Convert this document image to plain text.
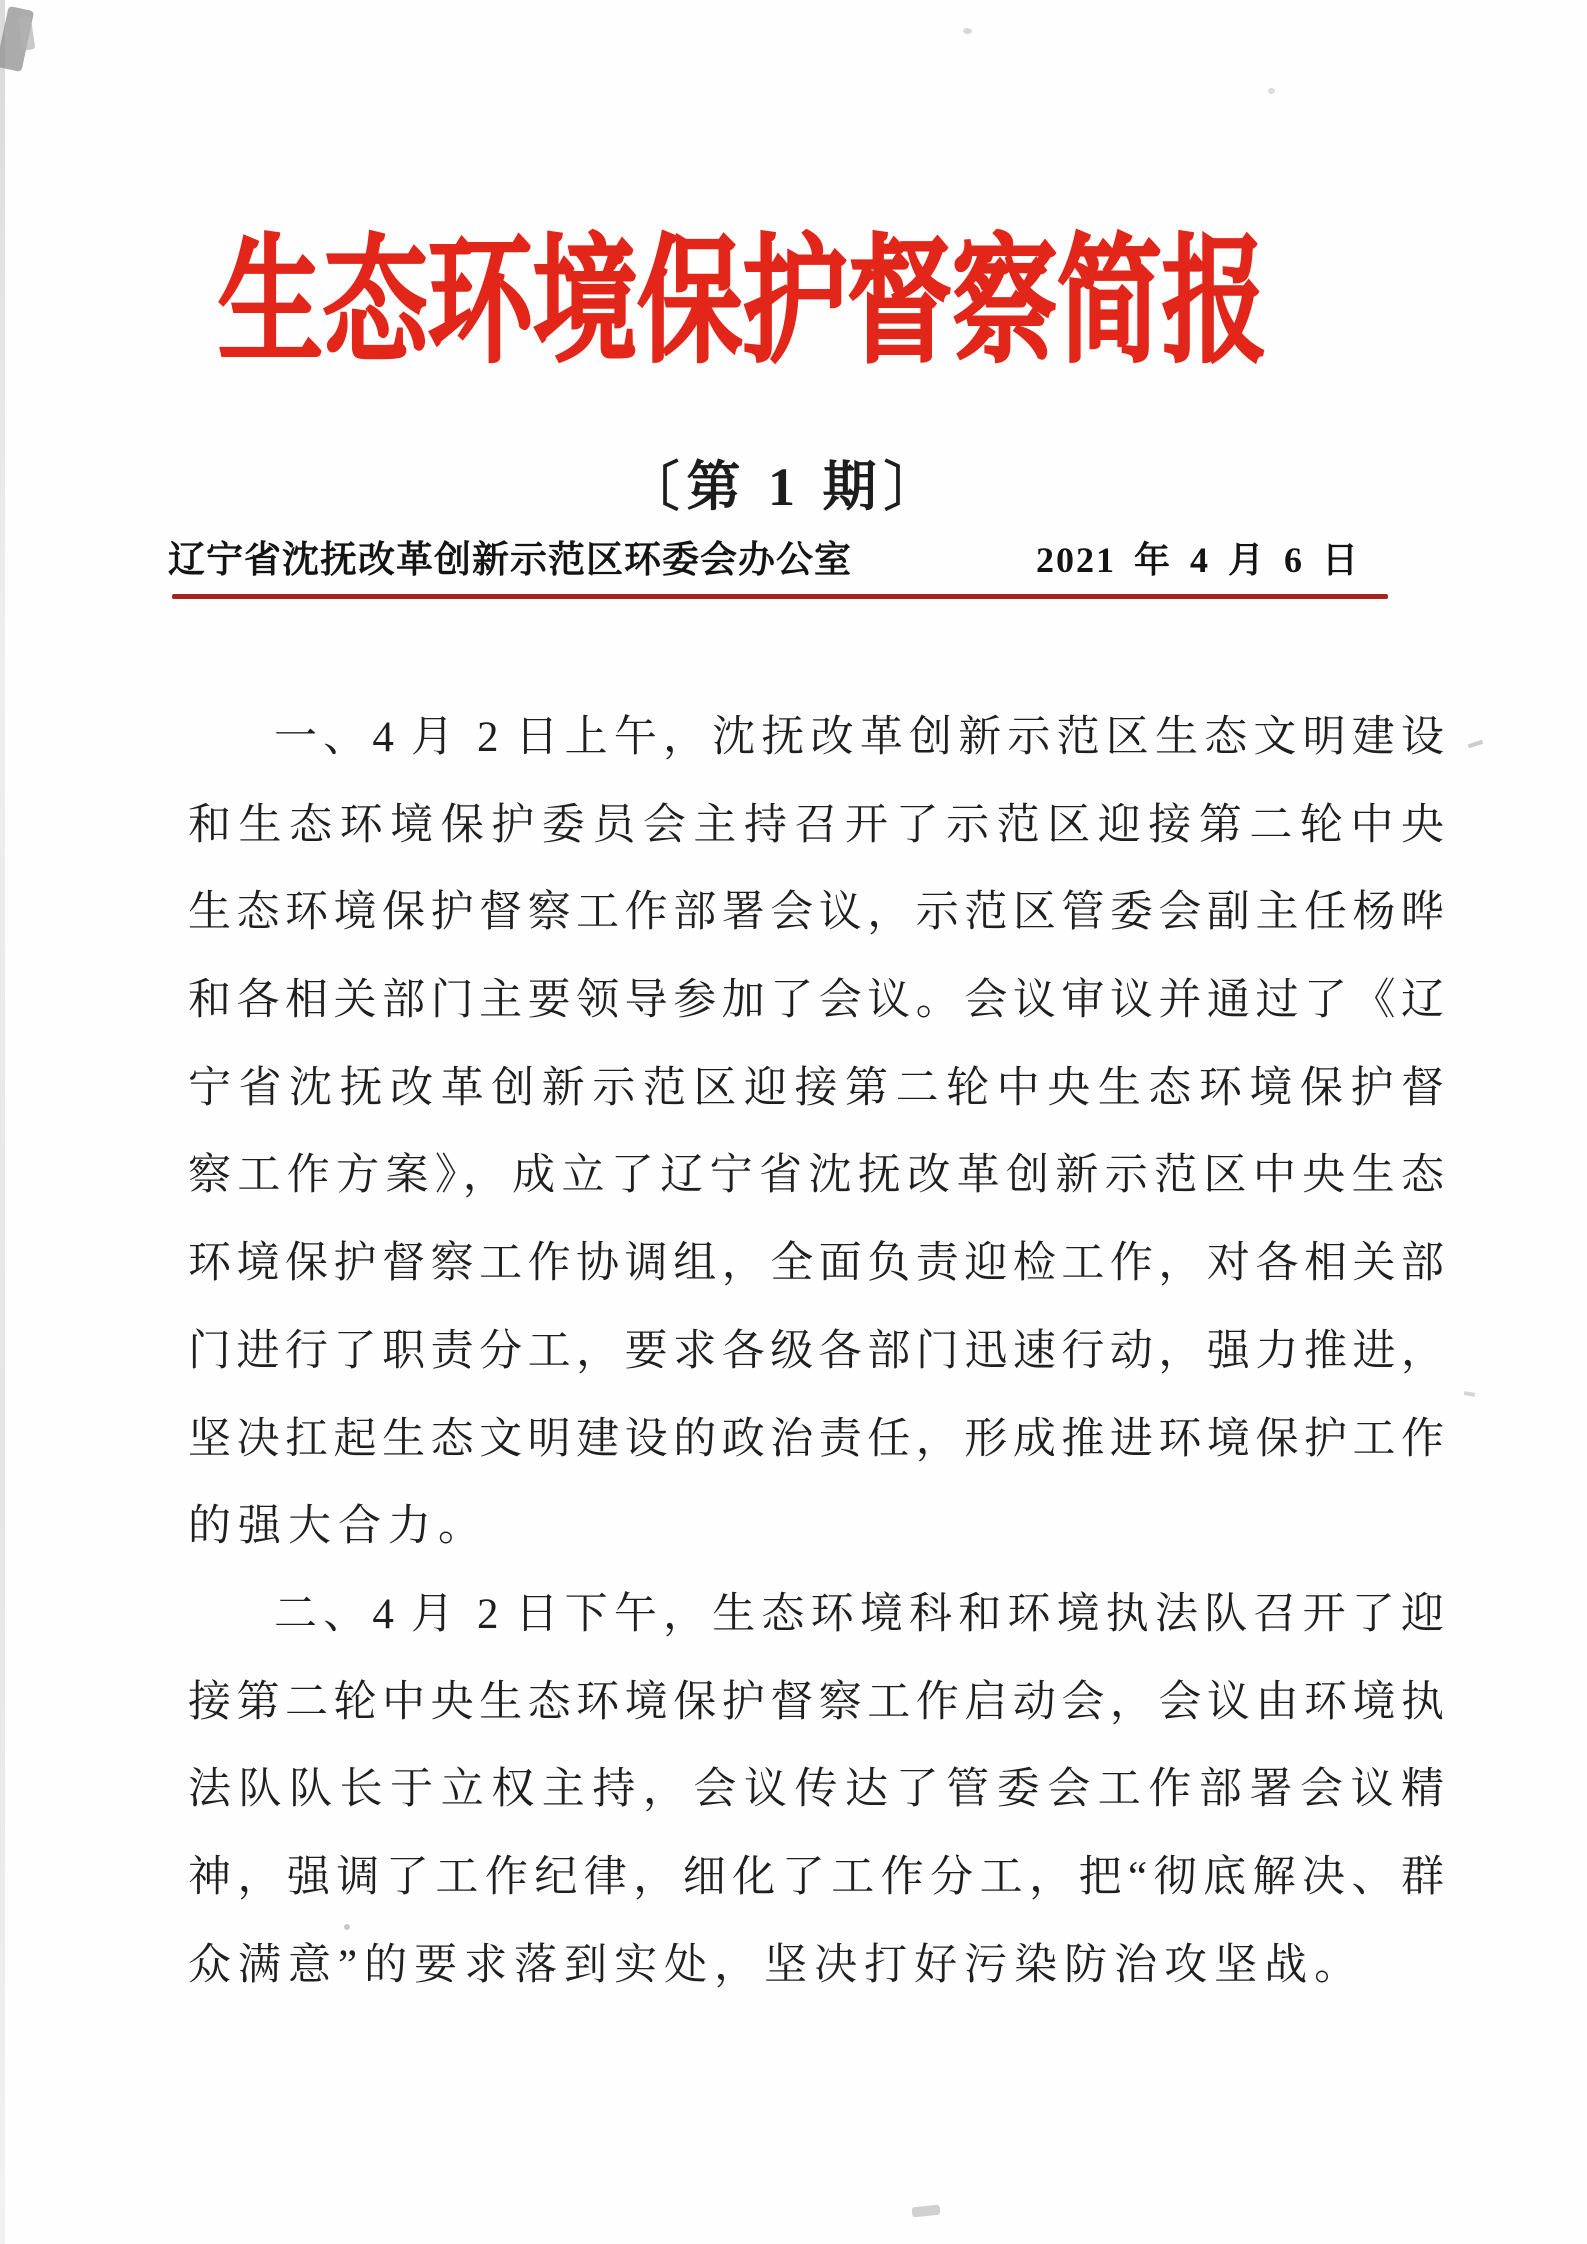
生态环境保护督察简报
〔第 1 期〕
辽宁省沈抚改革创新示范区环委会办公室	2021 年 4 月 6 日

一、4 月 2 日上午，沈抚改革创新示范区生态文明建设

和生态环境保护委员会主持召开了示范区迎接第二轮中央

生态环境保护督察工作部署会议，示范区管委会副主任杨晔

和各相关部门主要领导参加了会议。会议审议并通过了《辽

宁省沈抚改革创新示范区迎接第二轮中央生态环境保护督

察工作方案》，成立了辽宁省沈抚改革创新示范区中央生态

环境保护督察工作协调组，全面负责迎检工作，对各相关部

门进行了职责分工，要求各级各部门迅速行动，强力推进，

坚决扛起生态文明建设的政治责任，形成推进环境保护工作

的强大合力。

二、4 月 2 日下午，生态环境科和环境执法队召开了迎

接第二轮中央生态环境保护督察工作启动会，会议由环境执

法队队长于立权主持，会议传达了管委会工作部署会议精

神，强调了工作纪律，细化了工作分工，把“彻底解决、群

众满意”的要求落到实处，坚决打好污染防治攻坚战。
